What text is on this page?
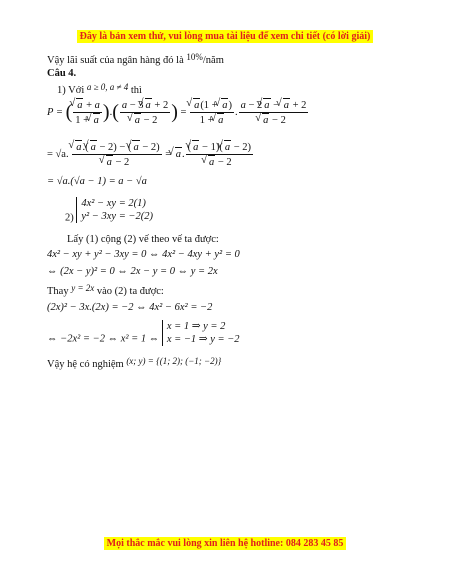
Đây là bản xem thử, vui lòng mua tài liệu để xem chi tiết (có lời giải)
Vậy lãi suất của ngân hàng đó là 10%/năm
Câu 4.
1) Với a ≥ 0, a ≠ 4 thì
P = ( √ $\frac{a + a}{1 + √ a}$ ).( a − 3 √ a + 2
√ a − 2 ) = √ $\frac{a(1 + √ a)}{1 + √ a}$ . a − 2 √ a − √ a + 2
√ a − 2
= √a. √ a.( √ a − 2) − ( √ a − 2)
√ a − 2 = √ a. ( √ a − 1)( √ a − 2)
√ a − 2
= √a.(√a − 1) = a − √a
2)
4x² − xy = 2(1)
y² − 3xy = −2(2)
Lấy (1) cộng (2) vế theo vế ta được:
4x² − xy + y² − 3xy = 0 ⇔ 4x² − 4xy + y² = 0
⇔ (2x − y)² = 0 ⇔ 2x − y = 0 ⇔ y = 2x
Thay y = 2x vào (2) ta được:
(2x)² − 3x.(2x) = −2 ⇔ 4x² − 6x² = −2
⇔ −2x² = −2 ⇔ x² = 1 ⇔
x = 1 ⇒ y = 2
x = −1 ⇒ y = −2
Vậy hệ có nghiệm (x; y) = {(1; 2); (−1; −2)}
Mọi thắc mắc vui lòng xin liên hệ hotline: 084 283 45 85
